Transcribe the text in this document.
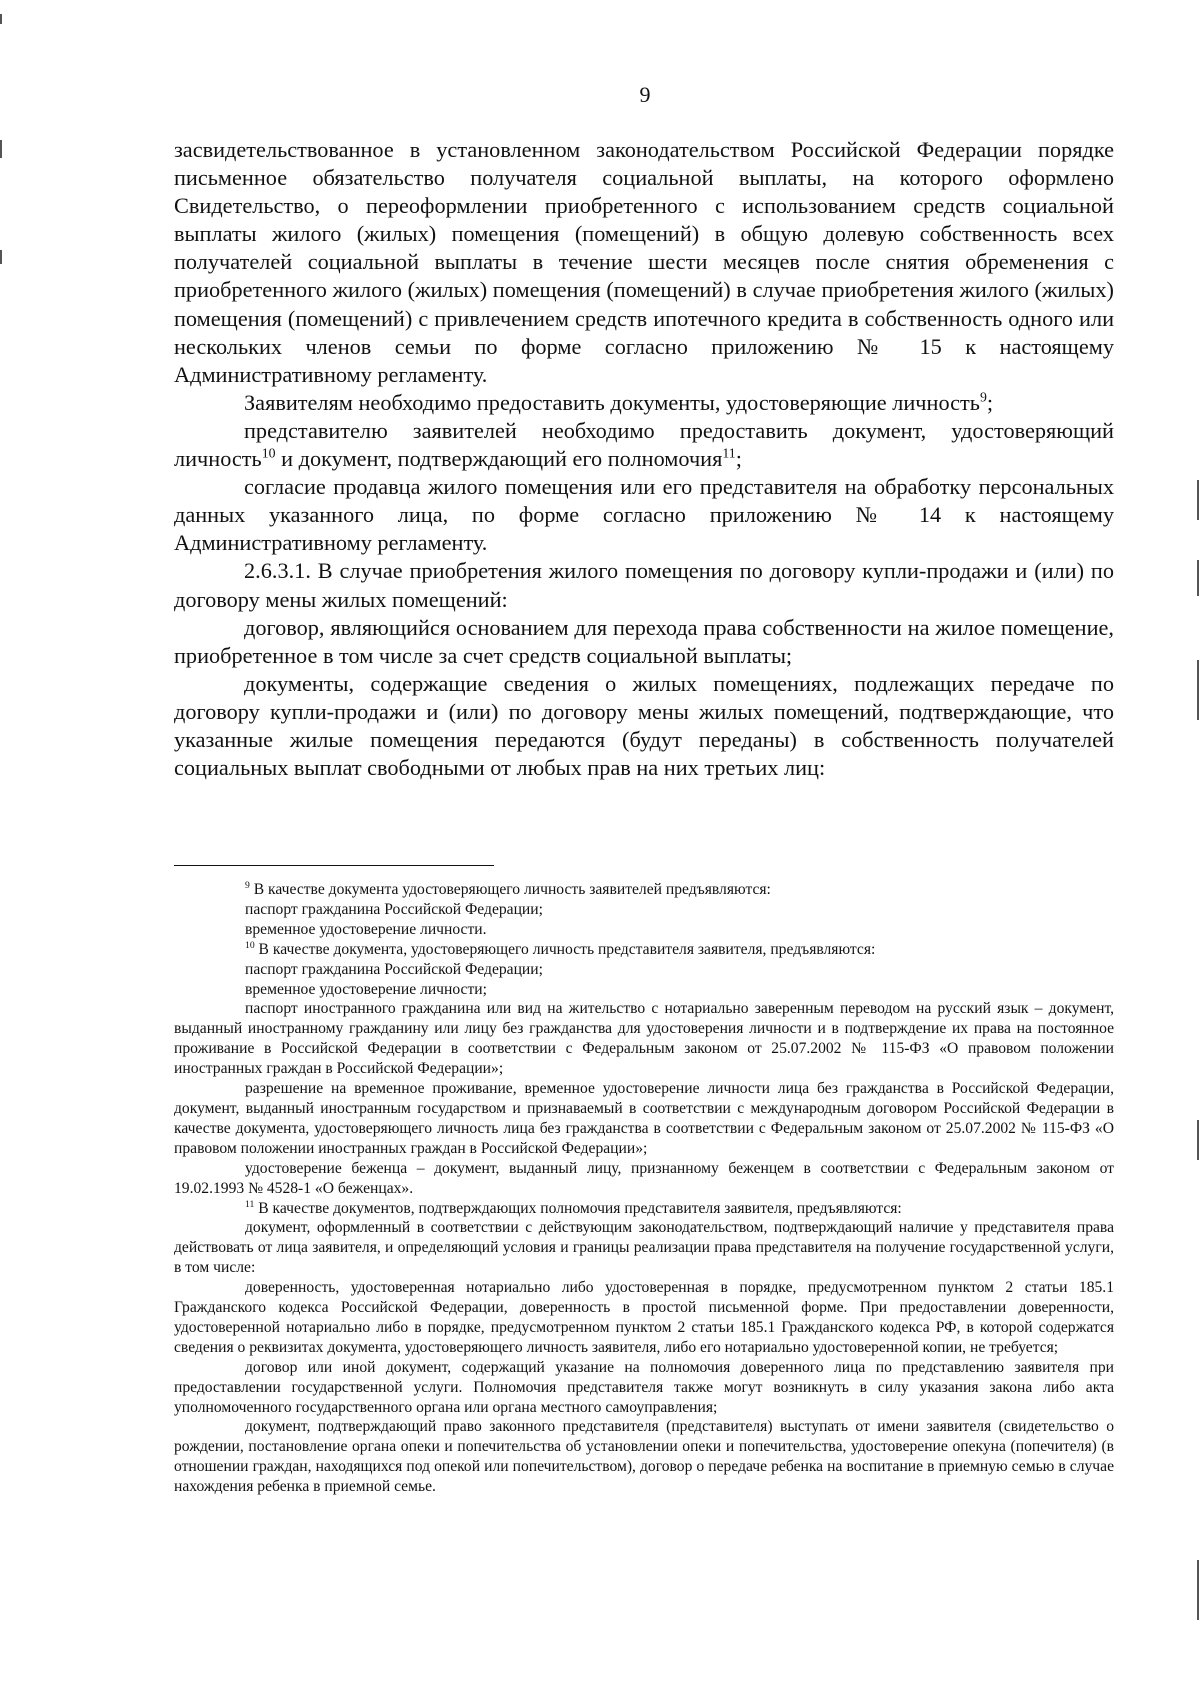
9

засвидетельствованное в установленном законодательством Российской Федерации порядке письменное обязательство получателя социальной выплаты, на которого оформлено Свидетельство, о переоформлении приобретенного с использованием средств социальной выплаты жилого (жилых) помещения (помещений) в общую долевую собственность всех получателей социальной выплаты в течение шести месяцев после снятия обременения с приобретенного жилого (жилых) помещения (помещений) в случае приобретения жилого (жилых) помещения (помещений) с привлечением средств ипотечного кредита в собственность одного или нескольких членов семьи по форме согласно приложению № 15 к настоящему Административному регламенту.

Заявителям необходимо предоставить документы, удостоверяющие личность$^9$;

представителю заявителей необходимо предоставить документ, удостоверяющий личность$^{10}$ и документ, подтверждающий его полномочия$^{11}$;

согласие продавца жилого помещения или его представителя на обработку персональных данных указанного лица, по форме согласно приложению № 14 к настоящему Административному регламенту.

2.6.3.1. В случае приобретения жилого помещения по договору купли-продажи и (или) по договору мены жилых помещений:

договор, являющийся основанием для перехода права собственности на жилое помещение, приобретенное в том числе за счет средств социальной выплаты;

документы, содержащие сведения о жилых помещениях, подлежащих передаче по договору купли-продажи и (или) по договору мены жилых помещений, подтверждающие, что указанные жилые помещения передаются (будут переданы) в собственность получателей социальных выплат свободными от любых прав на них третьих лиц:

$^9$ В качестве документа удостоверяющего личность заявителей предъявляются:

паспорт гражданина Российской Федерации;

временное удостоверение личности.

$^{10}$ В качестве документа, удостоверяющего личность представителя заявителя, предъявляются:

паспорт гражданина Российской Федерации;

временное удостоверение личности;

паспорт иностранного гражданина или вид на жительство с нотариально заверенным переводом на русский язык – документ, выданный иностранному гражданину или лицу без гражданства для удостоверения личности и в подтверждение их права на постоянное проживание в Российской Федерации в соответствии с Федеральным законом от 25.07.2002 № 115-ФЗ «О правовом положении иностранных граждан в Российской Федерации»;

разрешение на временное проживание, временное удостоверение личности лица без гражданства в Российской Федерации, документ, выданный иностранным государством и признаваемый в соответствии с международным договором Российской Федерации в качестве документа, удостоверяющего личность лица без гражданства в соответствии с Федеральным законом от 25.07.2002 № 115-ФЗ «О правовом положении иностранных граждан в Российской Федерации»;

удостоверение беженца – документ, выданный лицу, признанному беженцем в соответствии с Федеральным законом от 19.02.1993 № 4528-1 «О беженцах».

$^{11}$ В качестве документов, подтверждающих полномочия представителя заявителя, предъявляются:

документ, оформленный в соответствии с действующим законодательством, подтверждающий наличие у представителя права действовать от лица заявителя, и определяющий условия и границы реализации права представителя на получение государственной услуги, в том числе:

доверенность, удостоверенная нотариально либо удостоверенная в порядке, предусмотренном пунктом 2 статьи 185.1 Гражданского кодекса Российской Федерации, доверенность в простой письменной форме. При предоставлении доверенности, удостоверенной нотариально либо в порядке, предусмотренном пунктом 2 статьи 185.1 Гражданского кодекса РФ, в которой содержатся сведения о реквизитах документа, удостоверяющего личность заявителя, либо его нотариально удостоверенной копии, не требуется;

договор или иной документ, содержащий указание на полномочия доверенного лица по представлению заявителя при предоставлении государственной услуги. Полномочия представителя также могут возникнуть в силу указания закона либо акта уполномоченного государственного органа или органа местного самоуправления;

документ, подтверждающий право законного представителя (представителя) выступать от имени заявителя (свидетельство о рождении, постановление органа опеки и попечительства об установлении опеки и попечительства, удостоверение опекуна (попечителя) (в отношении граждан, находящихся под опекой или попечительством), договор о передаче ребенка на воспитание в приемную семью в случае нахождения ребенка в приемной семье.
